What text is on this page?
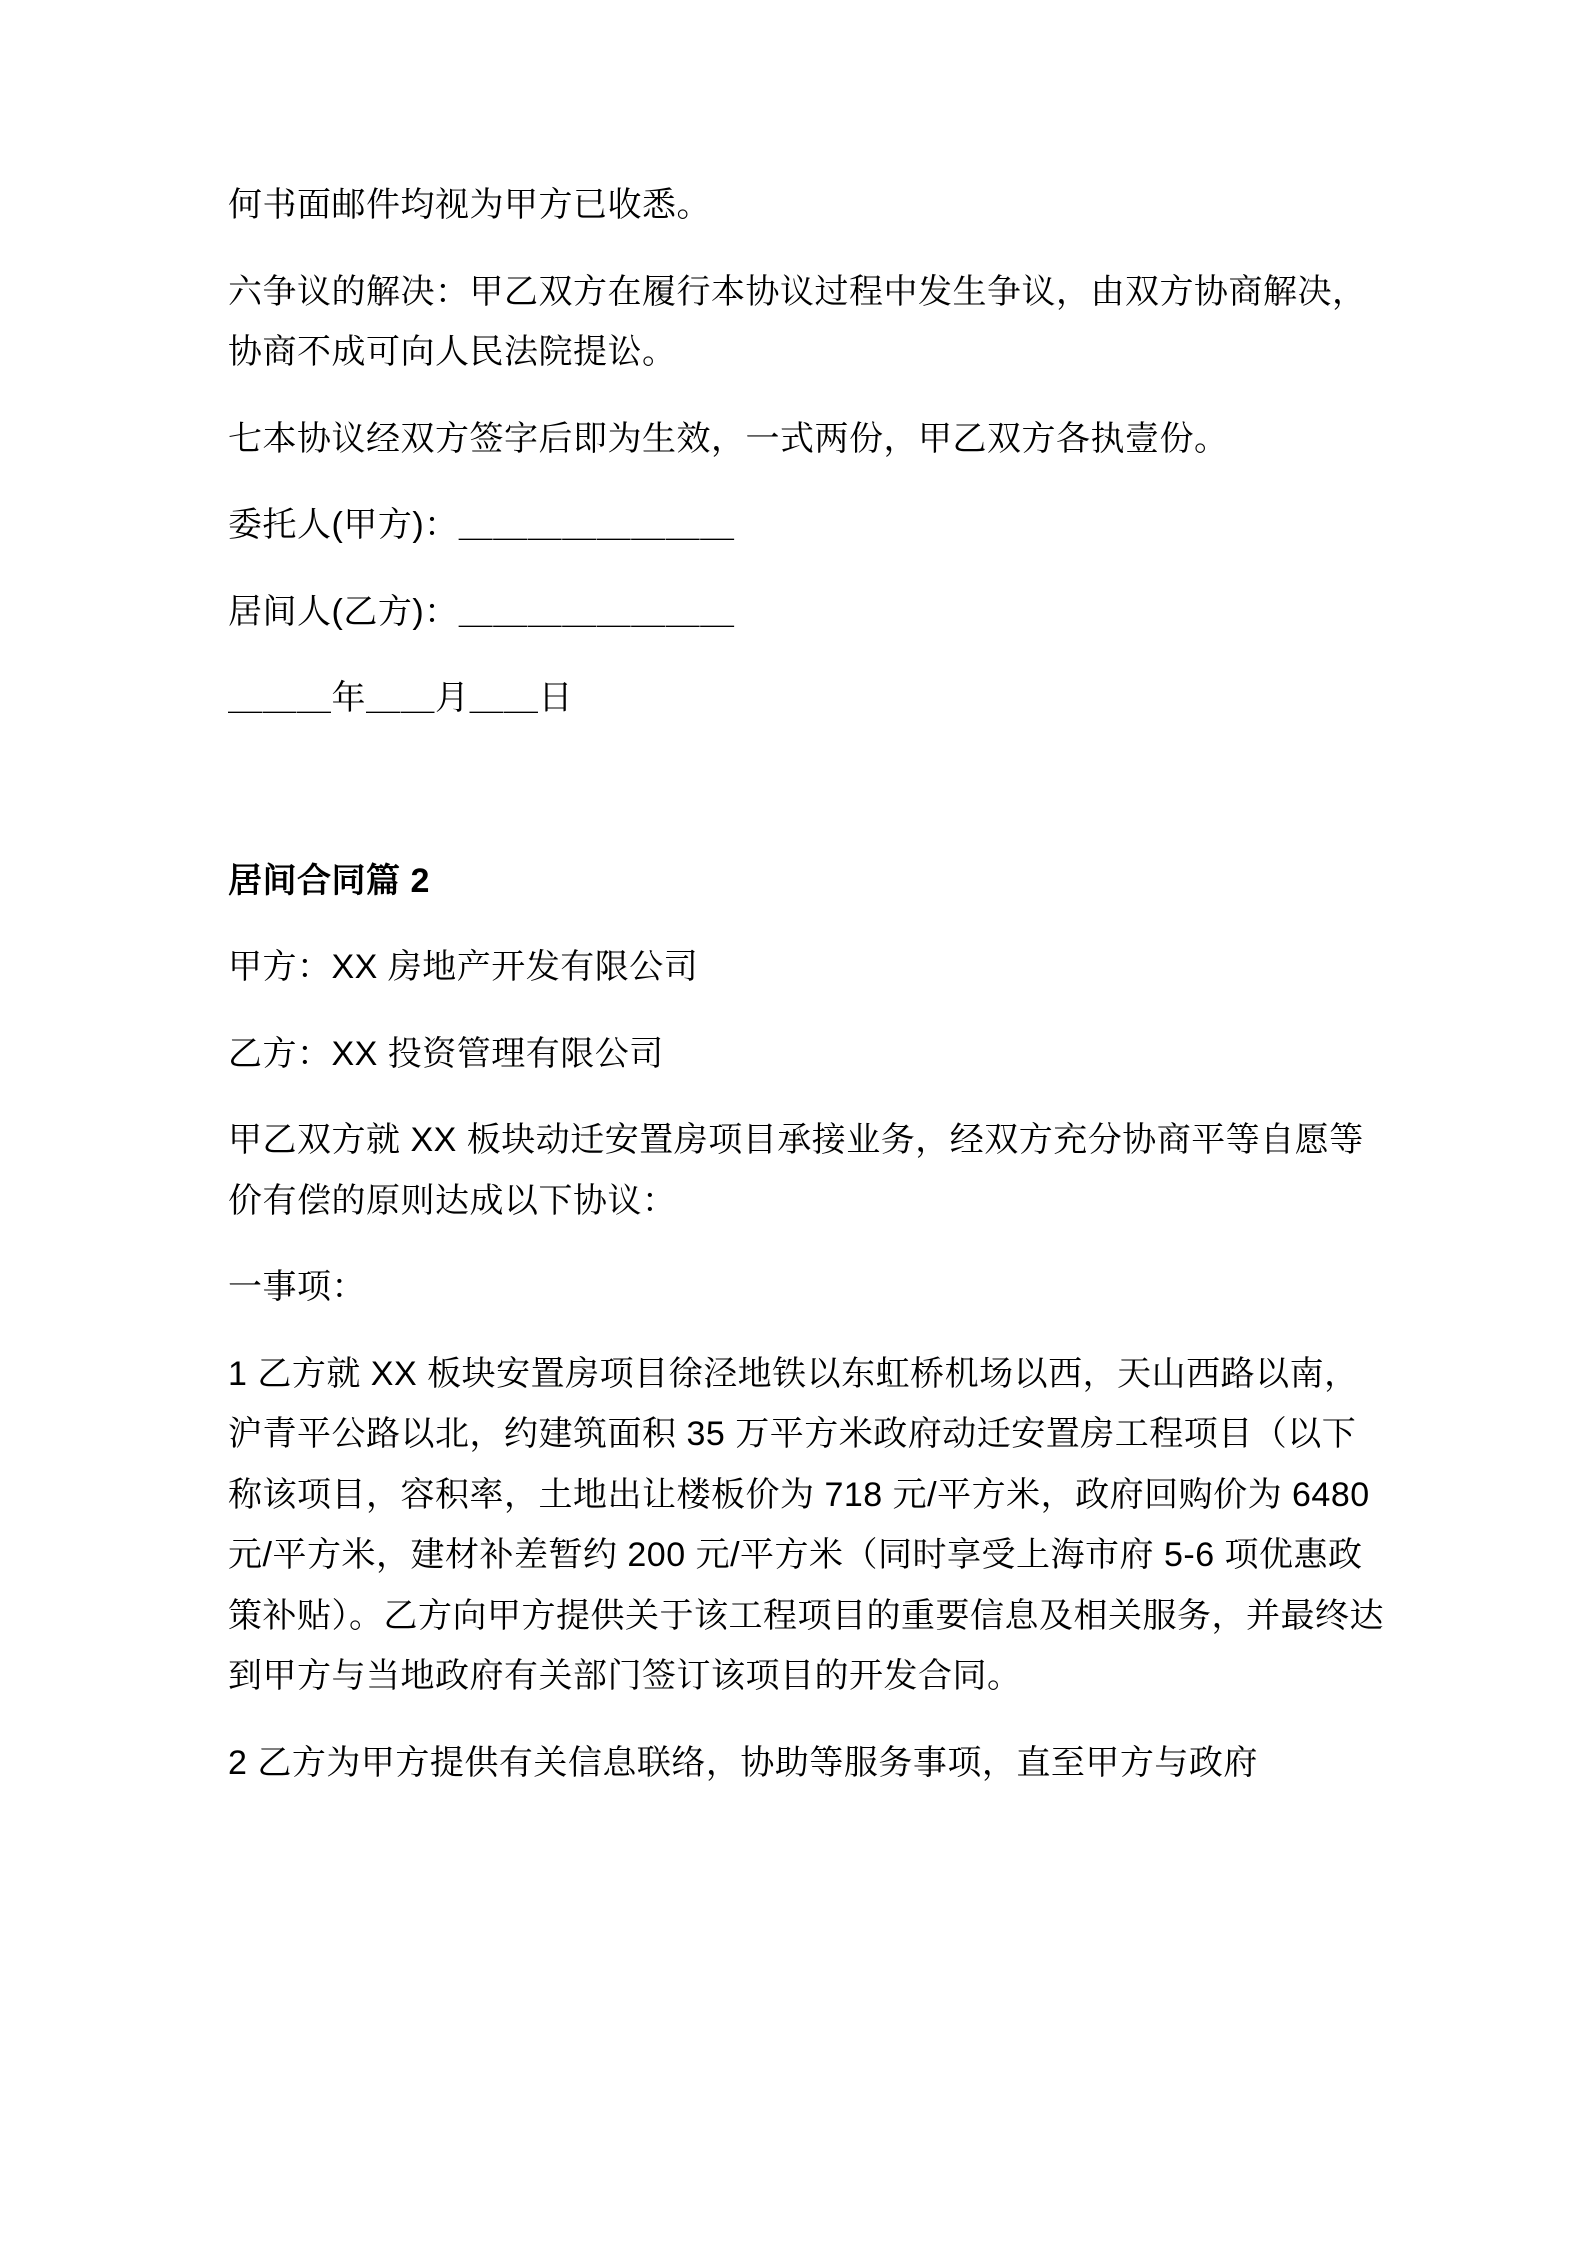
何书面邮件均视为甲方已收悉。

六争议的解决：甲乙双方在履行本协议过程中发生争议，由双方协商解决，协商不成可向人民法院提讼。

七本协议经双方签字后即为生效，一式两份，甲乙双方各执壹份。

委托人(甲方)：＿＿＿＿＿＿＿＿

居间人(乙方)：＿＿＿＿＿＿＿＿

＿＿＿年＿＿月＿＿日

居间合同篇 2

甲方：XX 房地产开发有限公司

乙方：XX 投资管理有限公司

甲乙双方就 XX 板块动迁安置房项目承接业务，经双方充分协商平等自愿等价有偿的原则达成以下协议：

一事项：

1 乙方就 XX 板块安置房项目徐泾地铁以东虹桥机场以西，天山西路以南，沪青平公路以北，约建筑面积 35 万平方米政府动迁安置房工程项目（以下称该项目，容积率，土地出让楼板价为 718 元/平方米，政府回购价为 6480 元/平方米，建材补差暂约 200 元/平方米（同时享受上海市府 5-6 项优惠政策补贴）。乙方向甲方提供关于该工程项目的重要信息及相关服务，并最终达到甲方与当地政府有关部门签订该项目的开发合同。

2 乙方为甲方提供有关信息联络，协助等服务事项，直至甲方与政府
